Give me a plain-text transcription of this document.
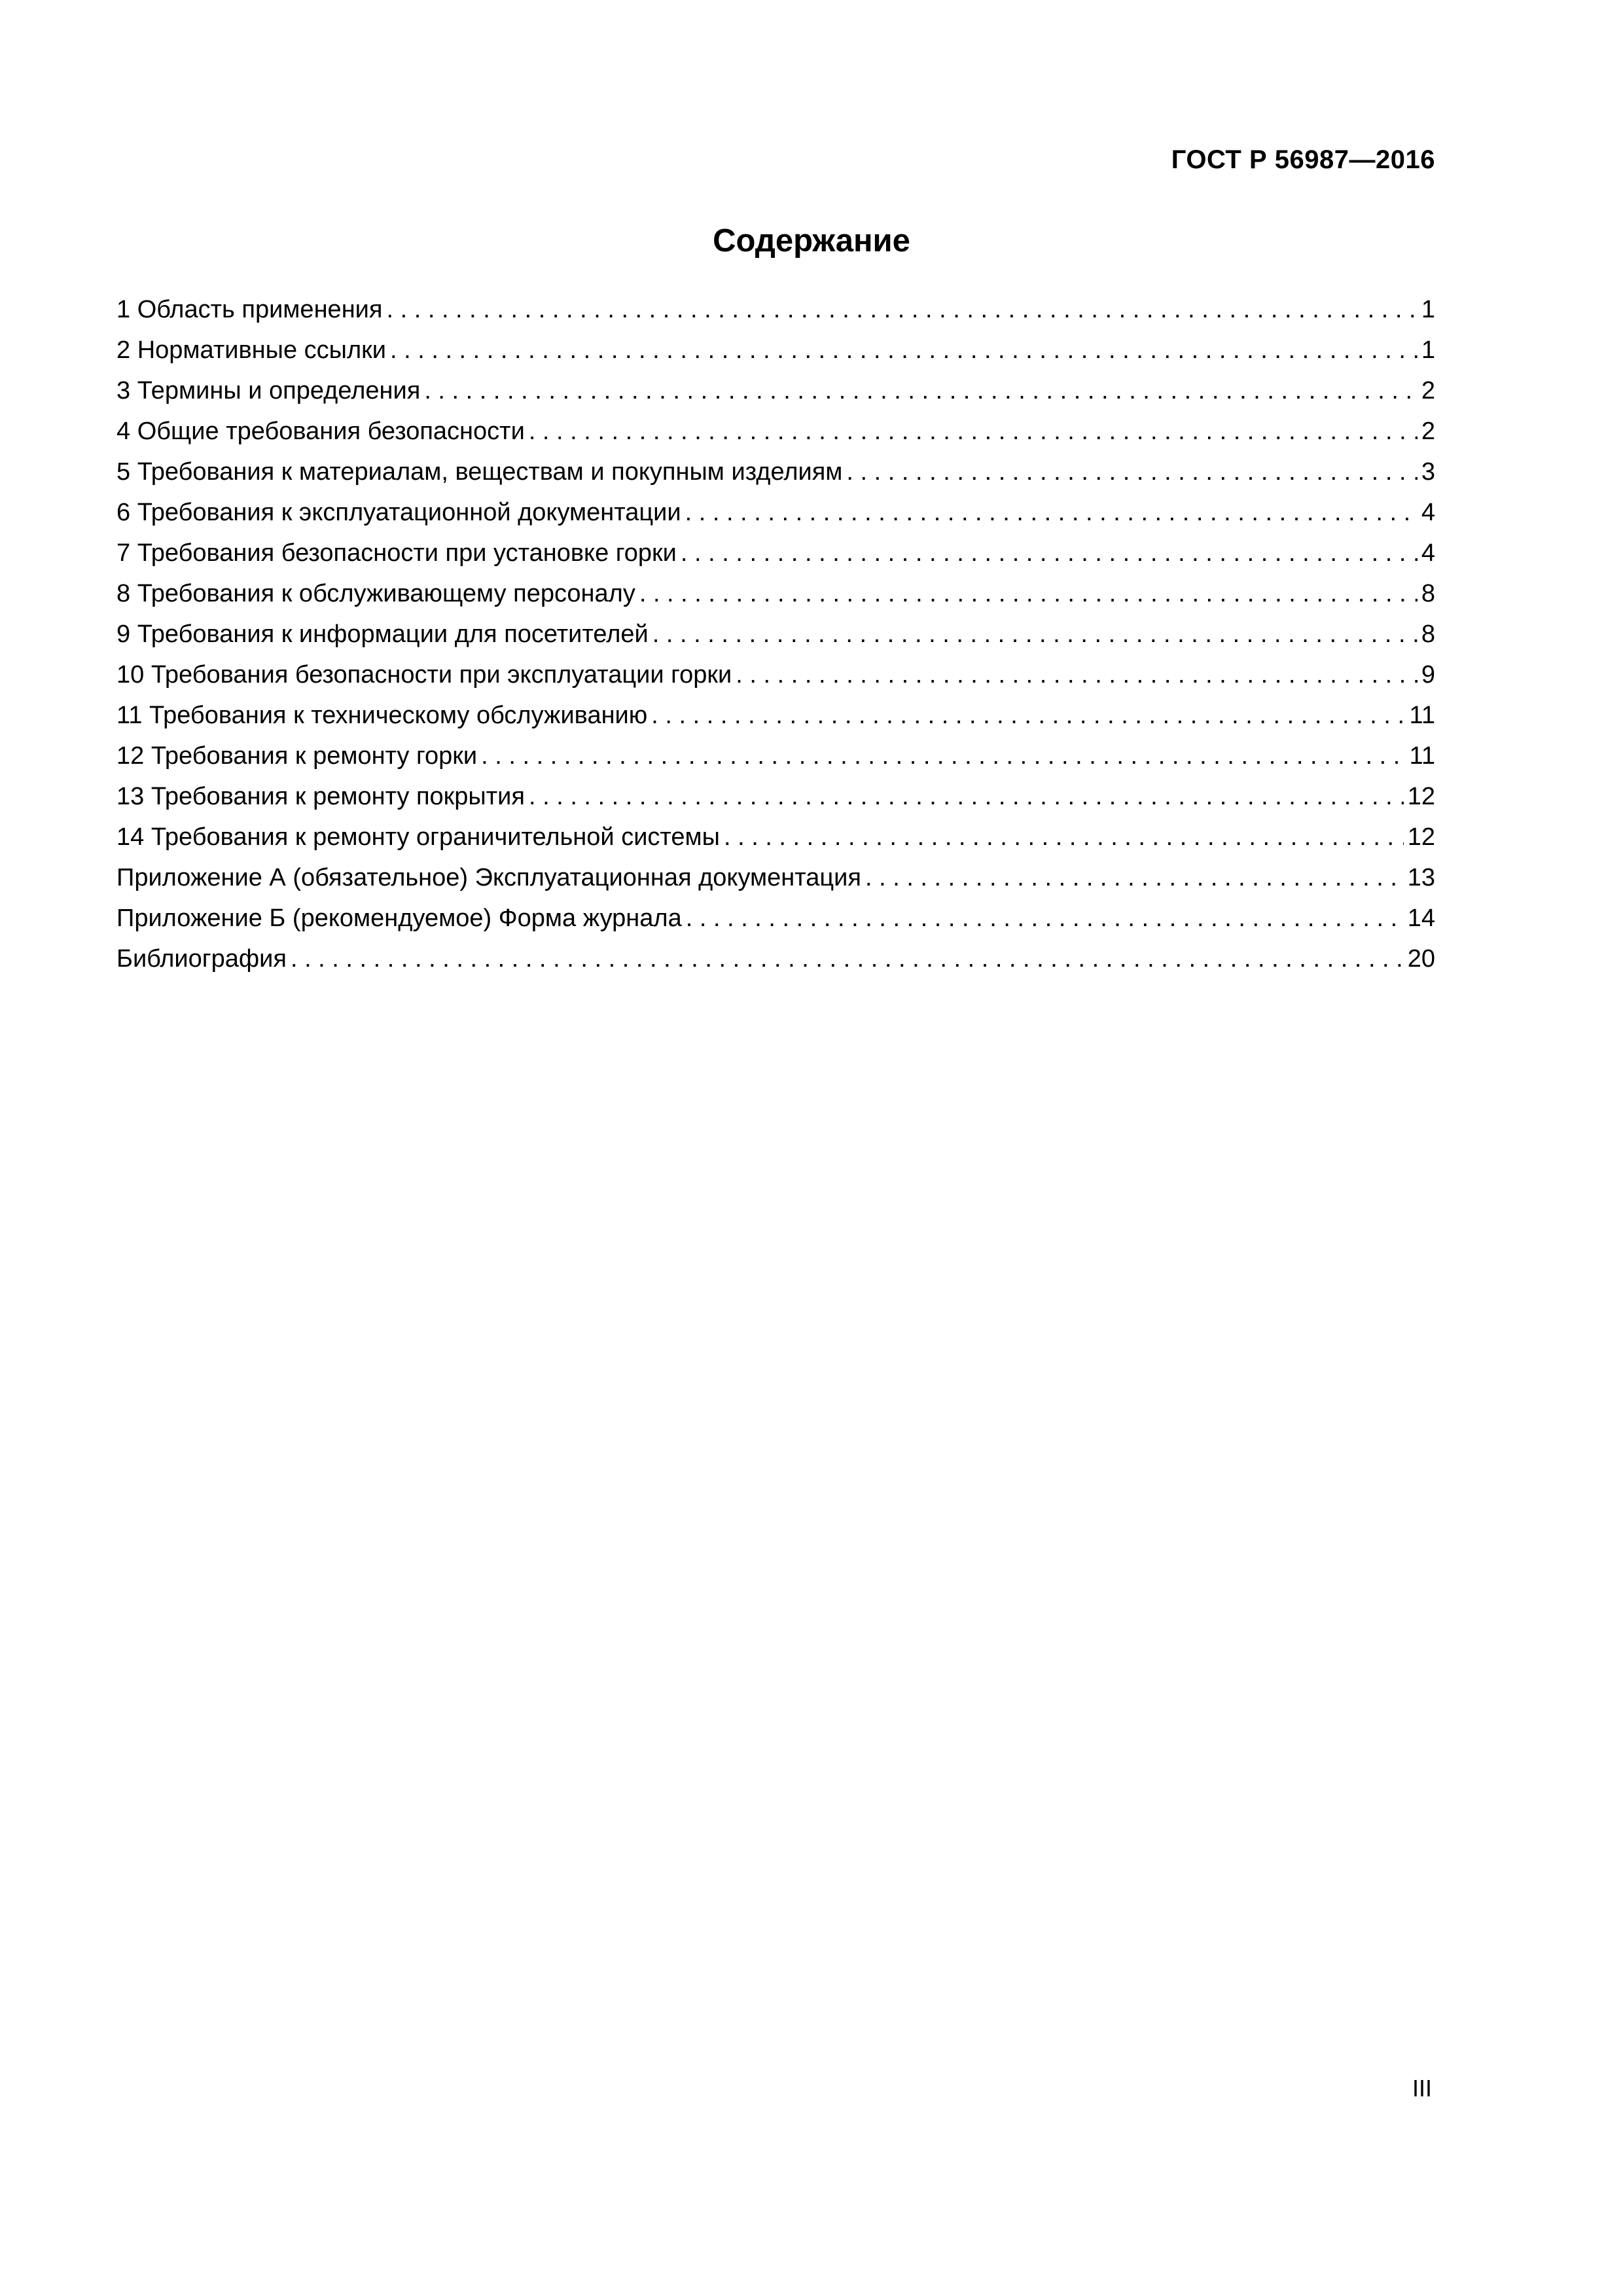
ГОСТ Р 56987—2016
Содержание
1 Область применения . . .	1
2 Нормативные ссылки . . .	1
3 Термины и определения . . .	2
4 Общие требования безопасности . . .	2
5 Требования к материалам, веществам и покупным изделиям . . .	3
6 Требования к эксплуатационной документации . . .	4
7 Требования безопасности при установке горки . . .	4
8 Требования к обслуживающему персоналу . . .	8
9 Требования к информации для посетителей . . .	8
10 Требования безопасности при эксплуатации горки . . .	9
11 Требования к техническому обслуживанию . . .	11
12 Требования к ремонту горки . . .	11
13 Требования к ремонту покрытия . . .	12
14 Требования к ремонту ограничительной системы . . .	12
Приложение А (обязательное) Эксплуатационная документация . . .	13
Приложение Б (рекомендуемое) Форма журнала . . .	14
Библиография . . .	20
III
